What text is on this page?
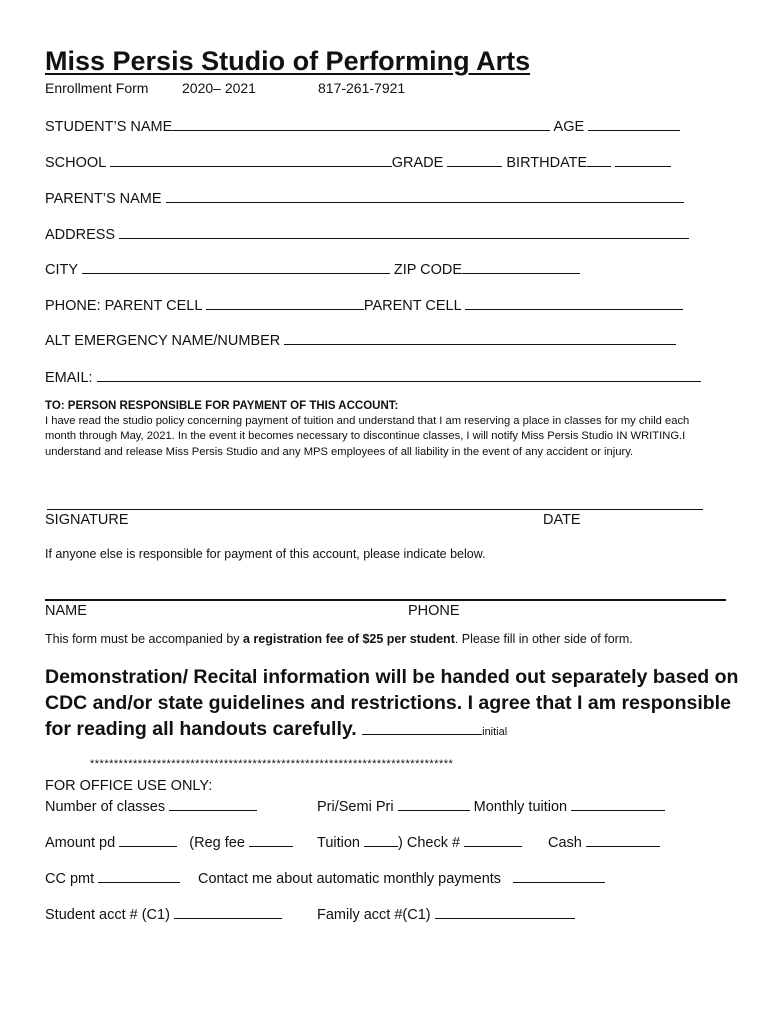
Miss Persis Studio of Performing Arts
Enrollment Form 2020– 2021	817-261-7921
STUDENT’S NAME	AGE
SCHOOL	GRADE	BIRTHDATE
PARENT’S NAME
ADDRESS
CITY	ZIP CODE
PHONE: PARENT CELL	PARENT CELL
ALT EMERGENCY NAME/NUMBER
EMAIL:
TO: PERSON RESPONSIBLE FOR PAYMENT OF THIS ACCOUNT:
I have read the studio policy concerning payment of tuition and understand that I am reserving a place in classes for my child each month through May, 2021. In the event it becomes necessary to discontinue classes, I will notify Miss Persis Studio IN WRITING.I understand and release Miss Persis Studio and any MPS employees of all liability in the event of any accident or injury.
SIGNATURE	DATE
If anyone else is responsible for payment of this account, please indicate below.
NAME	PHONE
This form must be accompanied by a registration fee of $25 per student. Please fill in other side of form.
Demonstration/ Recital information will be handed out separately based on CDC and/or state guidelines and restrictions. I agree that I am responsible for reading all handouts carefully.	initial
****************************************************************************
FOR OFFICE USE ONLY:
Number of classes	Pri/Semi Pri	Monthly tuition
Amount pd	(Reg fee	Tuition	) Check #	Cash
CC pmt	Contact me about automatic monthly payments
Student acct # (C1)	Family acct #(C1)
